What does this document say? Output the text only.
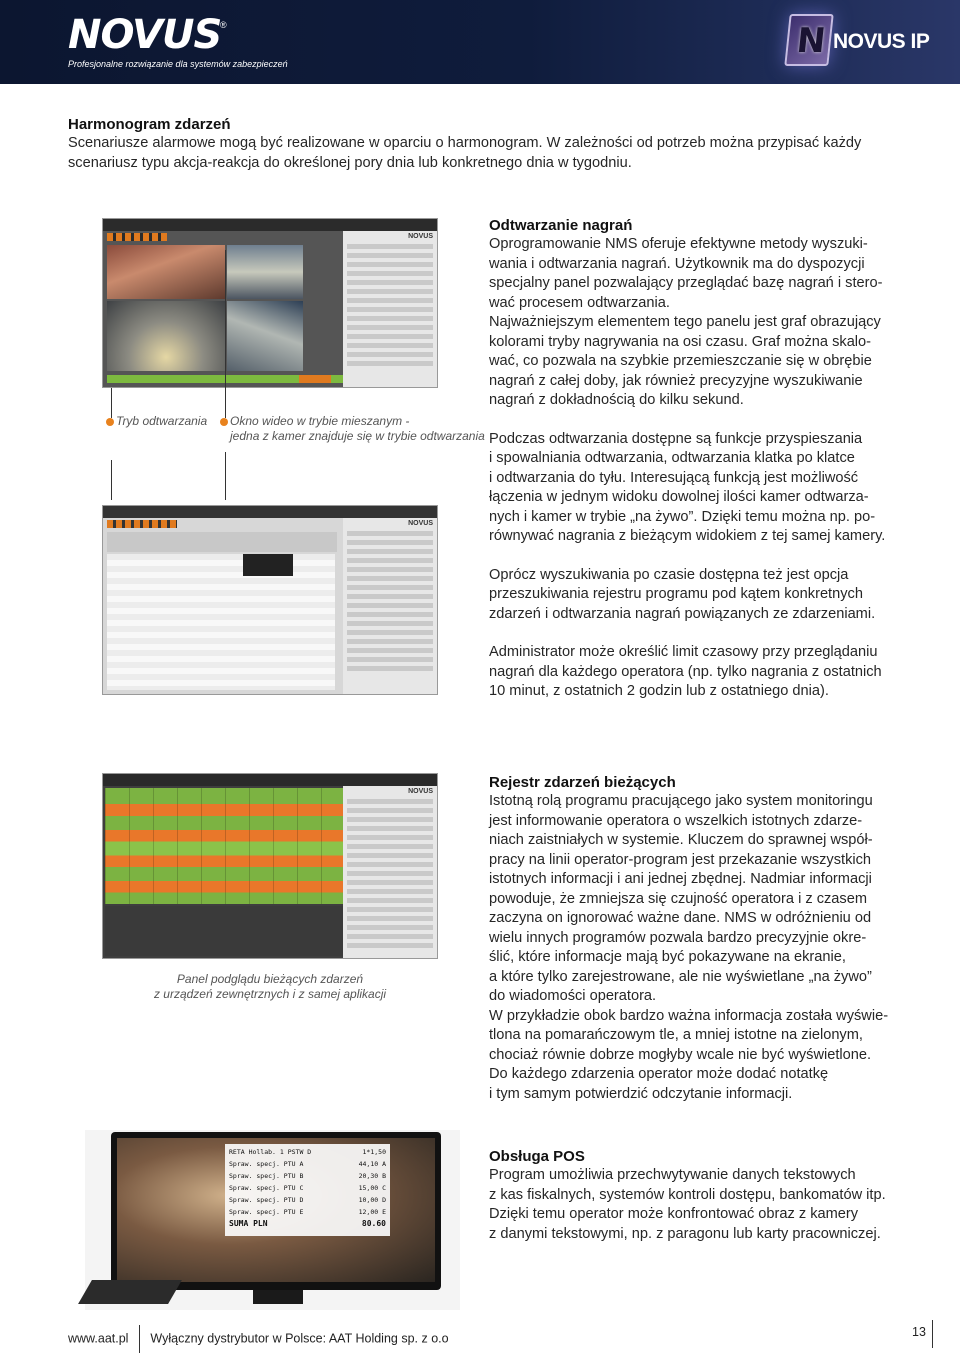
NOVUS
®
Profesjonalne rozwiązanie dla systemów zabezpieczeń
N NOVUS IP
Harmonogram zdarzeń

Scenariusze alarmowe mogą być realizowane w oparciu o harmonogram. W zależności od potrzeb można przypisać każdy

scenariusz typu akcja-reakcja do określonej pory dnia lub konkretnego dnia w tygodniu.

NOVUS
Tryb odtwarzania	Okno wideo w trybie mieszanym -
jedna z kamer znajduje się w trybie odtwarzania
NOVUS
Odtwarzanie nagrań

Oprogramowanie NMS oferuje efektywne metody wyszuki-

wania i odtwarzania nagrań. Użytkownik ma do dyspozycji

specjalny panel pozwalający przeglądać bazę nagrań i stero-

wać procesem odtwarzania.

Najważniejszym elementem tego panelu jest graf obrazujący

kolorami tryby nagrywania na osi czasu. Graf można skalo-

wać, co pozwala na szybkie przemieszczanie się w obrębie

nagrań z całej doby, jak również precyzyjne wyszukiwanie

nagrań z dokładnością do kilku sekund.

Podczas odtwarzania dostępne są funkcje przyspieszania

i spowalniania odtwarzania, odtwarzania klatka po klatce

i odtwarzania do tyłu. Interesującą funkcją jest możliwość

łączenia w jednym widoku dowolnej ilości kamer odtwarza-

nych i kamer w trybie „na żywo”. Dzięki temu można np. po-

równywać nagrania z bieżącym widokiem z tej samej kamery.

Oprócz wyszukiwania po czasie dostępna też jest opcja

przeszukiwania rejestru programu pod kątem konkretnych

zdarzeń i odtwarzania nagrań powiązanych ze zdarzeniami.

Administrator może określić limit czasowy przy przeglądaniu

nagrań dla każdego operatora (np. tylko nagrania z ostatnich

10 minut, z ostatnich 2 godzin lub z ostatniego dnia).

NOVUS
Panel podglądu bieżących zdarzeń
z urządzeń zewnętrznych i z samej aplikacji
Rejestr zdarzeń bieżących

Istotną rolą programu pracującego jako system monitoringu

jest informowanie operatora o wszelkich istotnych zdarze-

niach zaistniałych w systemie. Kluczem do sprawnej współ-

pracy na linii operator-program jest przekazanie wszystkich

istotnych informacji i ani jednej zbędnej. Nadmiar informacji

powoduje, że zmniejsza się czujność operatora i z czasem

zaczyna on ignorować ważne dane. NMS w odróżnieniu od

wielu innych programów pozwala bardzo precyzyjnie okre-

ślić, które informacje mają być pokazywane na ekranie,

a które tylko zarejestrowane, ale nie wyświetlane „na żywo”

do wiadomości operatora.

W przykładzie obok bardzo ważna informacja została wyświe-

tlona na pomarańczowym tle, a mniej istotne na zielonym,

chociaż równie dobrze mogłyby wcale nie być wyświetlone.

Do każdego zdarzenia operator może dodać notatkę

i tym samym potwierdzić odczytanie informacji.

RETA Hollab. 1 PSTW D	1*1,50
Spraw. specj. PTU A	44,10 A
Spraw. specj. PTU B	20,30 B
Spraw. specj. PTU C	15,00 C
Spraw. specj. PTU D	10,00 D
Spraw. specj. PTU E	12,00 E
SUMA PLN	80.60
Obsługa POS

Program umożliwia przechwytywanie danych tekstowych

z kas fiskalnych, systemów kontroli dostępu, bankomatów itp.

Dzięki temu operator może konfrontować obraz z kamery

z danymi tekstowymi, np. z paragonu lub karty pracowniczej.

www.aat.pl Wyłączny dystrybutor w Polsce: AAT Holding sp. z o.o	13
